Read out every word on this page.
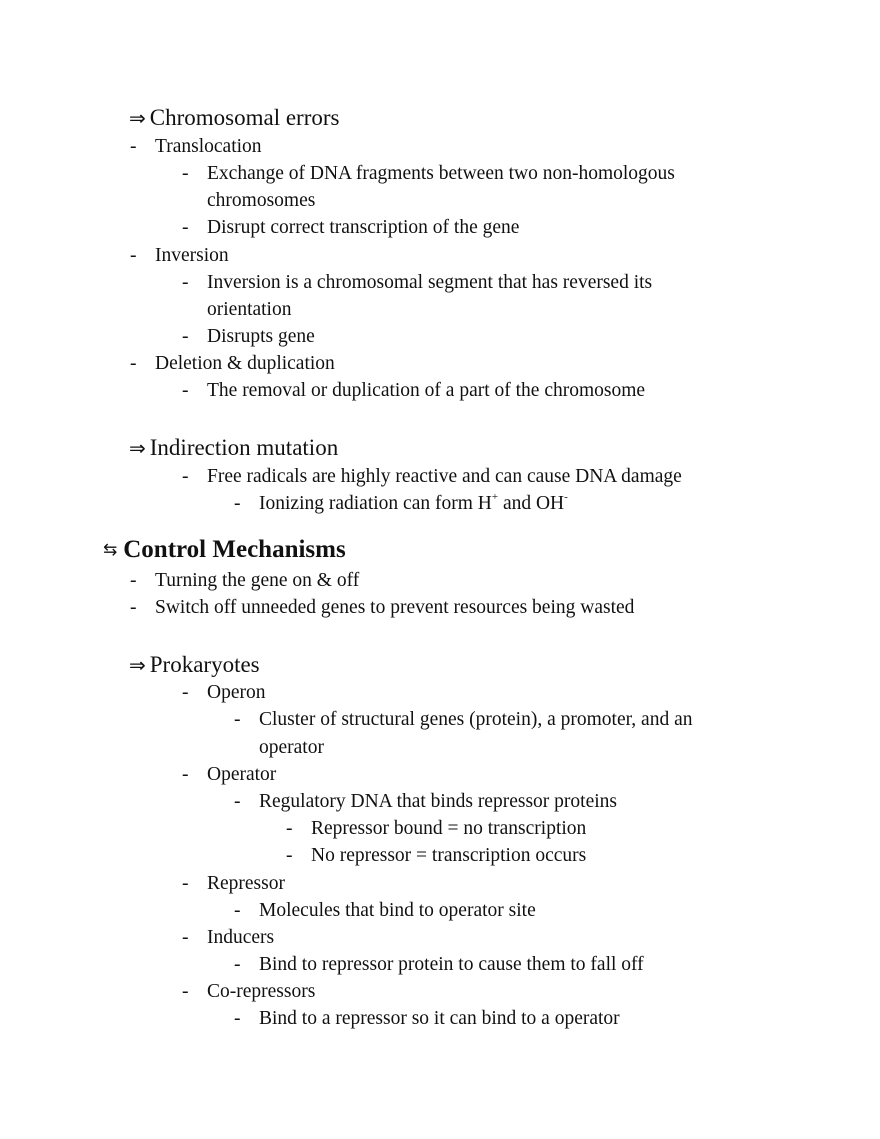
⇒ Chromosomal errors
- Translocation
- Exchange of DNA fragments between two non-homologous
chromosomes
- Disrupt correct transcription of the gene
- Inversion
- Inversion is a chromosomal segment that has reversed its
orientation
- Disrupts gene
- Deletion & duplication
- The removal or duplication of a part of the chromosome
⇒ Indirection mutation
- Free radicals are highly reactive and can cause DNA damage
- Ionizing radiation can form H+ and OH-
⇆ Control Mechanisms
- Turning the gene on & off
- Switch off unneeded genes to prevent resources being wasted
⇒ Prokaryotes
- Operon
- Cluster of structural genes (protein), a promoter, and an
operator
- Operator
- Regulatory DNA that binds repressor proteins
- Repressor bound = no transcription
- No repressor = transcription occurs
- Repressor
- Molecules that bind to operator site
- Inducers
- Bind to repressor protein to cause them to fall off
- Co-repressors
- Bind to a repressor so it can bind to a operator
